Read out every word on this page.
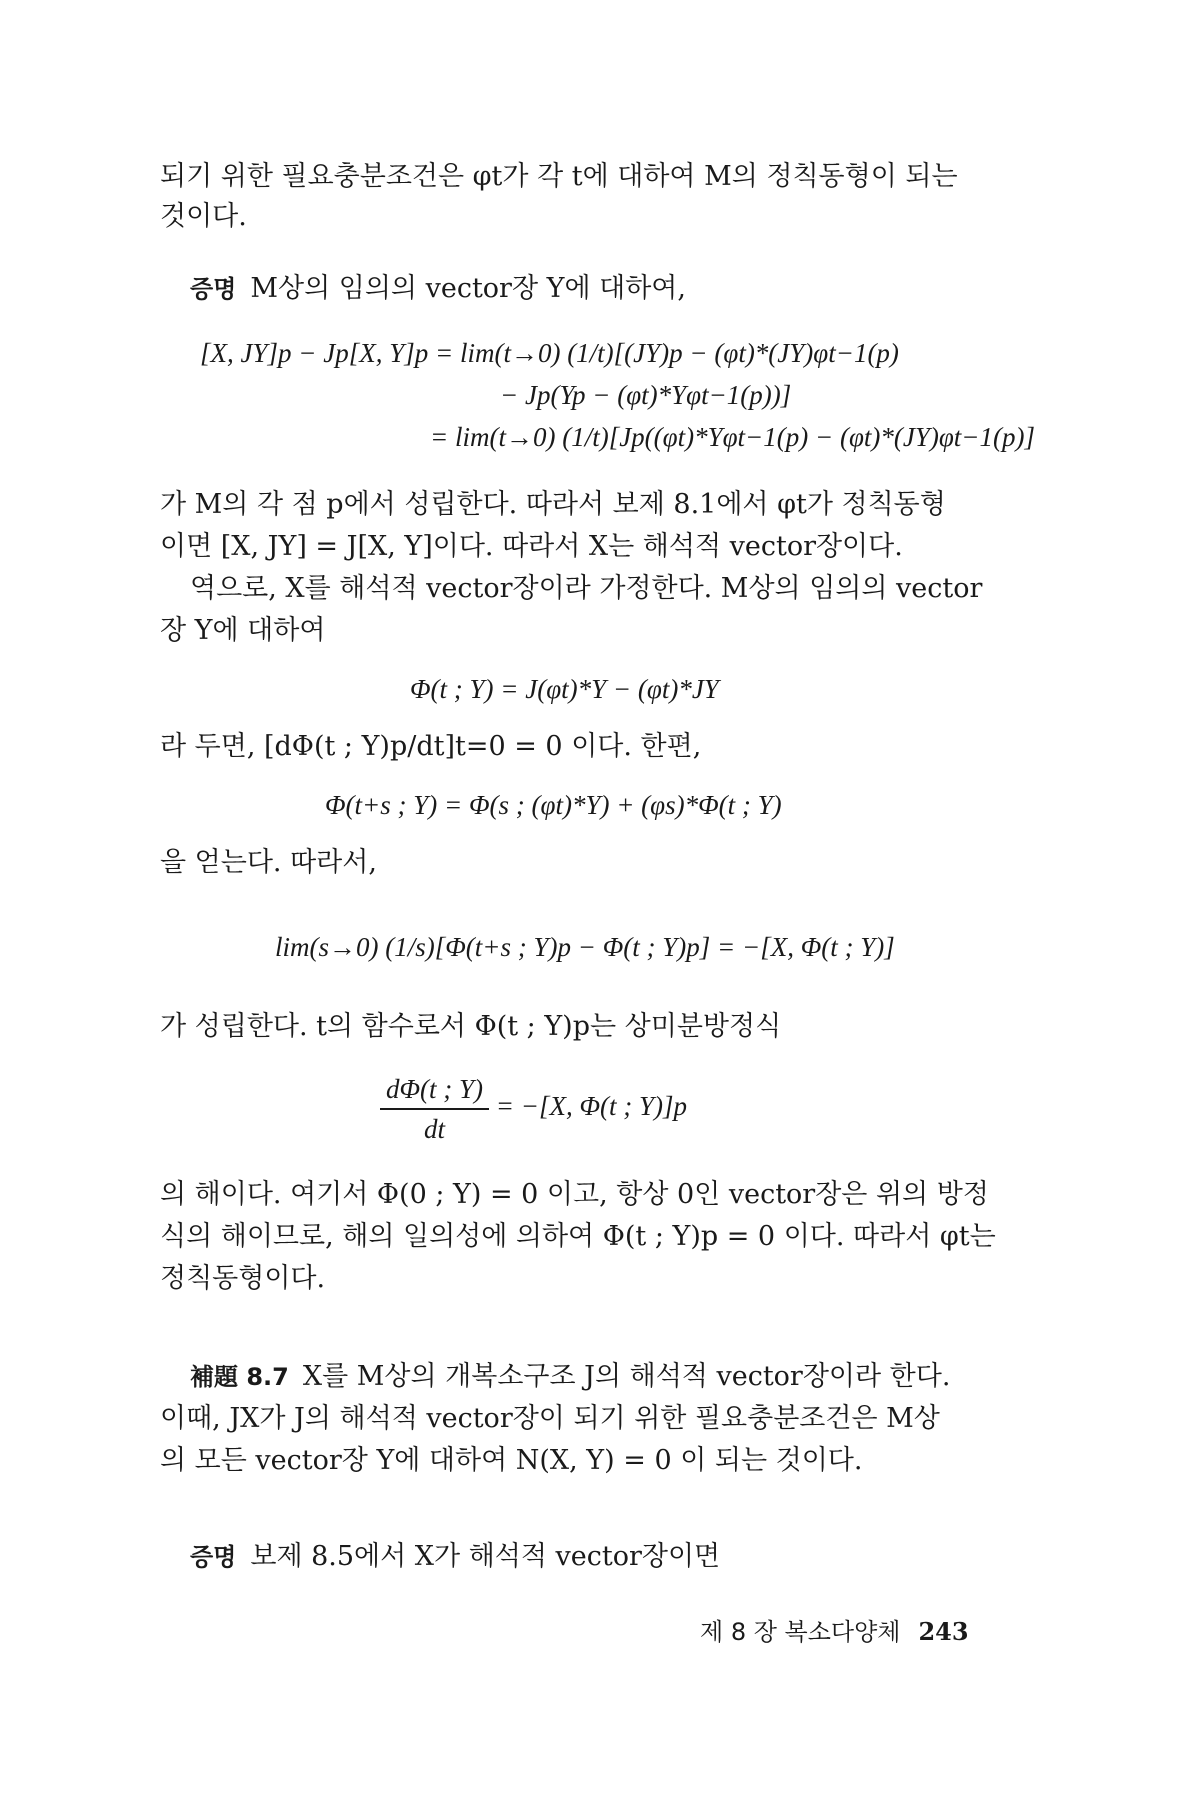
되기 위한 필요충분조건은 φt가 각 t에 대하여 M의 정칙동형이 되는
것이다.
증명 M상의 임의의 vector장 Y에 대하여,
[X, JY]p − Jp[X, Y]p = lim(t→0) (1/t)[(JY)p − (φt)*(JY)φt−1(p)
− Jp(Yp − (φt)*Yφt−1(p))]
= lim(t→0) (1/t)[Jp((φt)*Yφt−1(p) − (φt)*(JY)φt−1(p)]
가 M의 각 점 p에서 성립한다. 따라서 보제 8.1에서 φt가 정칙동형
이면 [X, JY] = J[X, Y]이다. 따라서 X는 해석적 vector장이다.
역으로, X를 해석적 vector장이라 가정한다. M상의 임의의 vector
장 Y에 대하여
Φ(t ; Y) = J(φt)*Y − (φt)*JY
라 두면, [dΦ(t ; Y)p/dt]t=0 = 0 이다. 한편,
Φ(t+s ; Y) = Φ(s ; (φt)*Y) + (φs)*Φ(t ; Y)
을 얻는다. 따라서,
lim(s→0) (1/s)[Φ(t+s ; Y)p − Φ(t ; Y)p] = −[X, Φ(t ; Y)]
가 성립한다. t의 함수로서 Φ(t ; Y)p는 상미분방정식
$\frac{d\Phi(t ; Y)}{dt} = -[X$, Φ(t ; Y)]p
의 해이다. 여기서 Φ(0 ; Y) = 0 이고, 항상 0인 vector장은 위의 방정
식의 해이므로, 해의 일의성에 의하여 Φ(t ; Y)p = 0 이다. 따라서 φt는
정칙동형이다.
補題 8.7 X를 M상의 개복소구조 J의 해석적 vector장이라 한다.
이때, JX가 J의 해석적 vector장이 되기 위한 필요충분조건은 M상
의 모든 vector장 Y에 대하여 N(X, Y) = 0 이 되는 것이다.
증명 보제 8.5에서 X가 해석적 vector장이면
제 8 장 복소다양체 243
